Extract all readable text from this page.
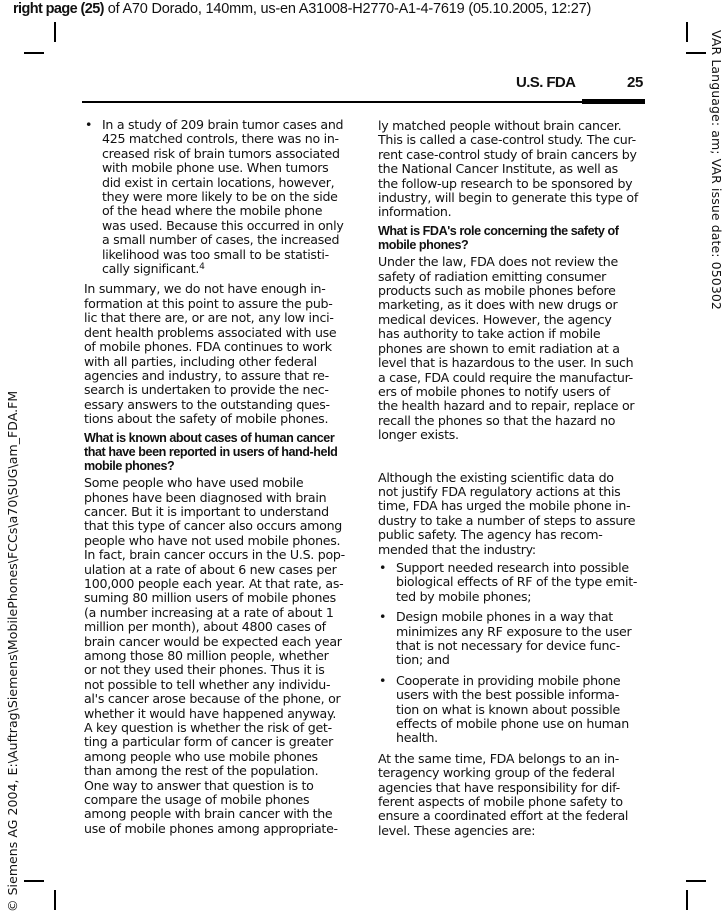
right page (25) of A70 Dorado, 140mm, us-en A31008-H2770-A1-4-7619 (05.10.2005, 12:27)
VAR Language: am; VAR issue date: 050302
© Siemens AG 2004, E:\Auftrag\Siemens\MobilePhones\FCCs\a70\SUG\am_FDA.FM
U.S. FDA	25
• In a study of 209 brain tumor cases and
425 matched controls, there was no in-
creased risk of brain tumors associated
with mobile phone use. When tumors
did exist in certain locations, however,
they were more likely to be on the side
of the head where the mobile phone
was used. Because this occurred in only
a small number of cases, the increased
likelihood was too small to be statisti-
cally significant.$^4$

In summary, we do not have enough in-
formation at this point to assure the pub-
lic that there are, or are not, any low inci-
dent health problems associated with use
of mobile phones. FDA continues to work
with all parties, including other federal
agencies and industry, to assure that re-
search is undertaken to provide the nec-
essary answers to the outstanding ques-
tions about the safety of mobile phones.

What is known about cases of human cancer
that have been reported in users of hand-held
mobile phones?

Some people who have used mobile
phones have been diagnosed with brain
cancer. But it is important to understand
that this type of cancer also occurs among
people who have not used mobile phones.
In fact, brain cancer occurs in the U.S. pop-
ulation at a rate of about 6 new cases per
100,000 people each year. At that rate, as-
suming 80 million users of mobile phones
(a number increasing at a rate of about 1
million per month), about 4800 cases of
brain cancer would be expected each year
among those 80 million people, whether
or not they used their phones. Thus it is
not possible to tell whether any individu-
al's cancer arose because of the phone, or
whether it would have happened anyway.
A key question is whether the risk of get-
ting a particular form of cancer is greater
among people who use mobile phones
than among the rest of the population.
One way to answer that question is to
compare the usage of mobile phones
among people with brain cancer with the
use of mobile phones among appropriate-

ly matched people without brain cancer.
This is called a case-control study. The cur-
rent case-control study of brain cancers by
the National Cancer Institute, as well as
the follow-up research to be sponsored by
industry, will begin to generate this type of
information.

What is FDA's role concerning the safety of
mobile phones?

Under the law, FDA does not review the
safety of radiation emitting consumer
products such as mobile phones before
marketing, as it does with new drugs or
medical devices. However, the agency
has authority to take action if mobile
phones are shown to emit radiation at a
level that is hazardous to the user. In such
a case, FDA could require the manufactur-
ers of mobile phones to notify users of
the health hazard and to repair, replace or
recall the phones so that the hazard no
longer exists.

Although the existing scientific data do
not justify FDA regulatory actions at this
time, FDA has urged the mobile phone in-
dustry to take a number of steps to assure
public safety. The agency has recom-
mended that the industry:

• Support needed research into possible
biological effects of RF of the type emit-
ted by mobile phones;
• Design mobile phones in a way that
minimizes any RF exposure to the user
that is not necessary for device func-
tion; and
• Cooperate in providing mobile phone
users with the best possible informa-
tion on what is known about possible
effects of mobile phone use on human
health.

At the same time, FDA belongs to an in-
teragency working group of the federal
agencies that have responsibility for dif-
ferent aspects of mobile phone safety to
ensure a coordinated effort at the federal
level. These agencies are:
